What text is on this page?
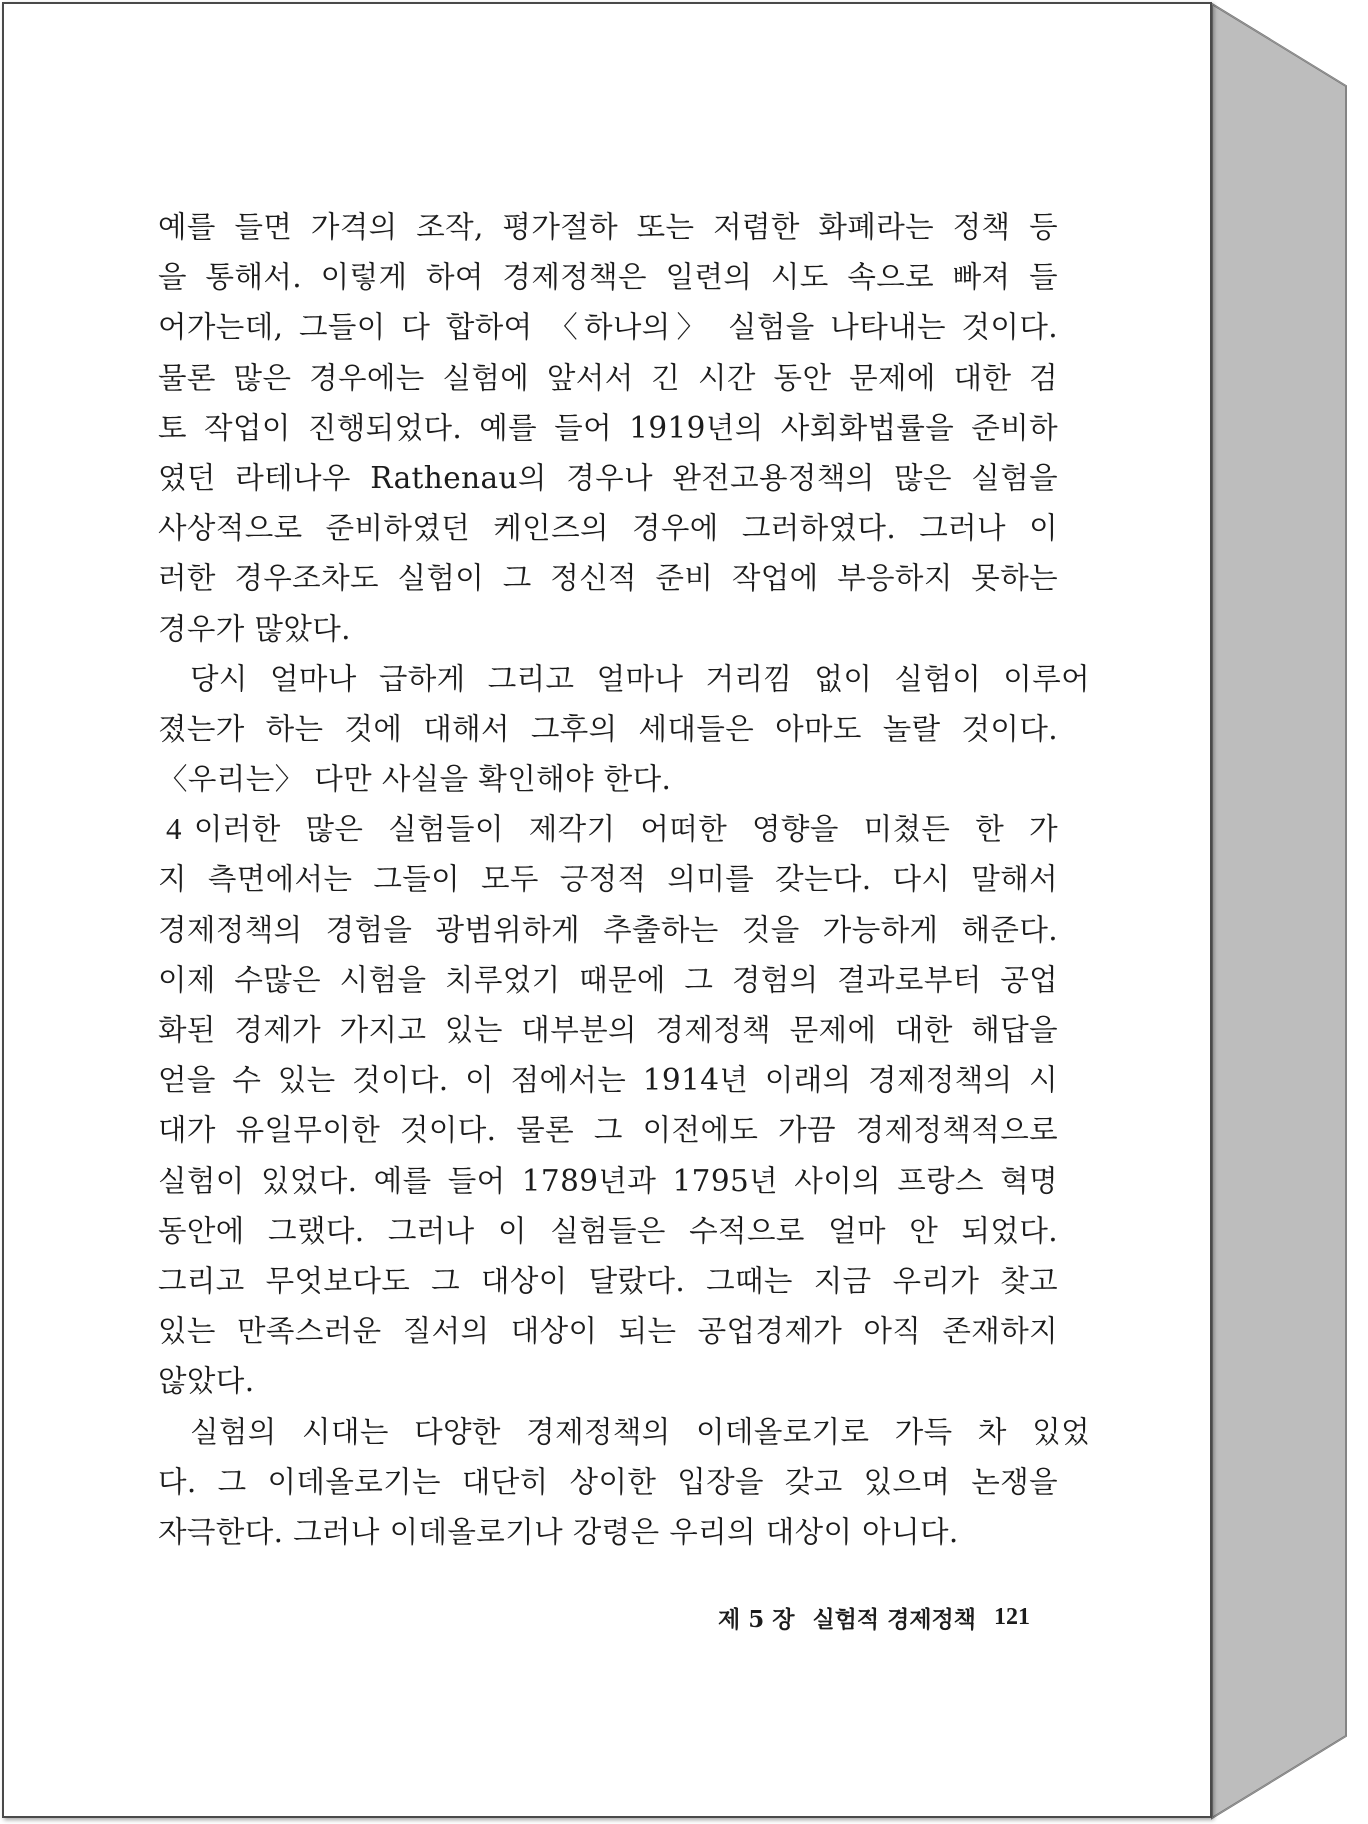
예를 들면 가격의 조작, 평가절하 또는 저렴한 화폐라는 정책 등
을 통해서. 이렇게 하여 경제정책은 일련의 시도 속으로 빠져 들
어가는데, 그들이 다 합하여 〈하나의〉 실험을 나타내는 것이다.
물론 많은 경우에는 실험에 앞서서 긴 시간 동안 문제에 대한 검
토 작업이 진행되었다. 예를 들어 1919년의 사회화법률을 준비하
였던 라테나우 Rathenau의 경우나 완전고용정책의 많은 실험을
사상적으로 준비하였던 케인즈의 경우에 그러하였다. 그러나 이
러한 경우조차도 실험이 그 정신적 준비 작업에 부응하지 못하는
경우가 많았다.
당시 얼마나 급하게 그리고 얼마나 거리낌 없이 실험이 이루어
졌는가 하는 것에 대해서 그후의 세대들은 아마도 놀랄 것이다.
〈우리는〉 다만 사실을 확인해야 한다.
4 이러한 많은 실험들이 제각기 어떠한 영향을 미쳤든 한 가
지 측면에서는 그들이 모두 긍정적 의미를 갖는다. 다시 말해서
경제정책의 경험을 광범위하게 추출하는 것을 가능하게 해준다.
이제 수많은 시험을 치루었기 때문에 그 경험의 결과로부터 공업
화된 경제가 가지고 있는 대부분의 경제정책 문제에 대한 해답을
얻을 수 있는 것이다. 이 점에서는 1914년 이래의 경제정책의 시
대가 유일무이한 것이다. 물론 그 이전에도 가끔 경제정책적으로
실험이 있었다. 예를 들어 1789년과 1795년 사이의 프랑스 혁명
동안에 그랬다. 그러나 이 실험들은 수적으로 얼마 안 되었다.
그리고 무엇보다도 그 대상이 달랐다. 그때는 지금 우리가 찾고
있는 만족스러운 질서의 대상이 되는 공업경제가 아직 존재하지
않았다.
실험의 시대는 다양한 경제정책의 이데올로기로 가득 차 있었
다. 그 이데올로기는 대단히 상이한 입장을 갖고 있으며 논쟁을
자극한다. 그러나 이데올로기나 강령은 우리의 대상이 아니다.
제 5 장 실험적 경제정책 121
